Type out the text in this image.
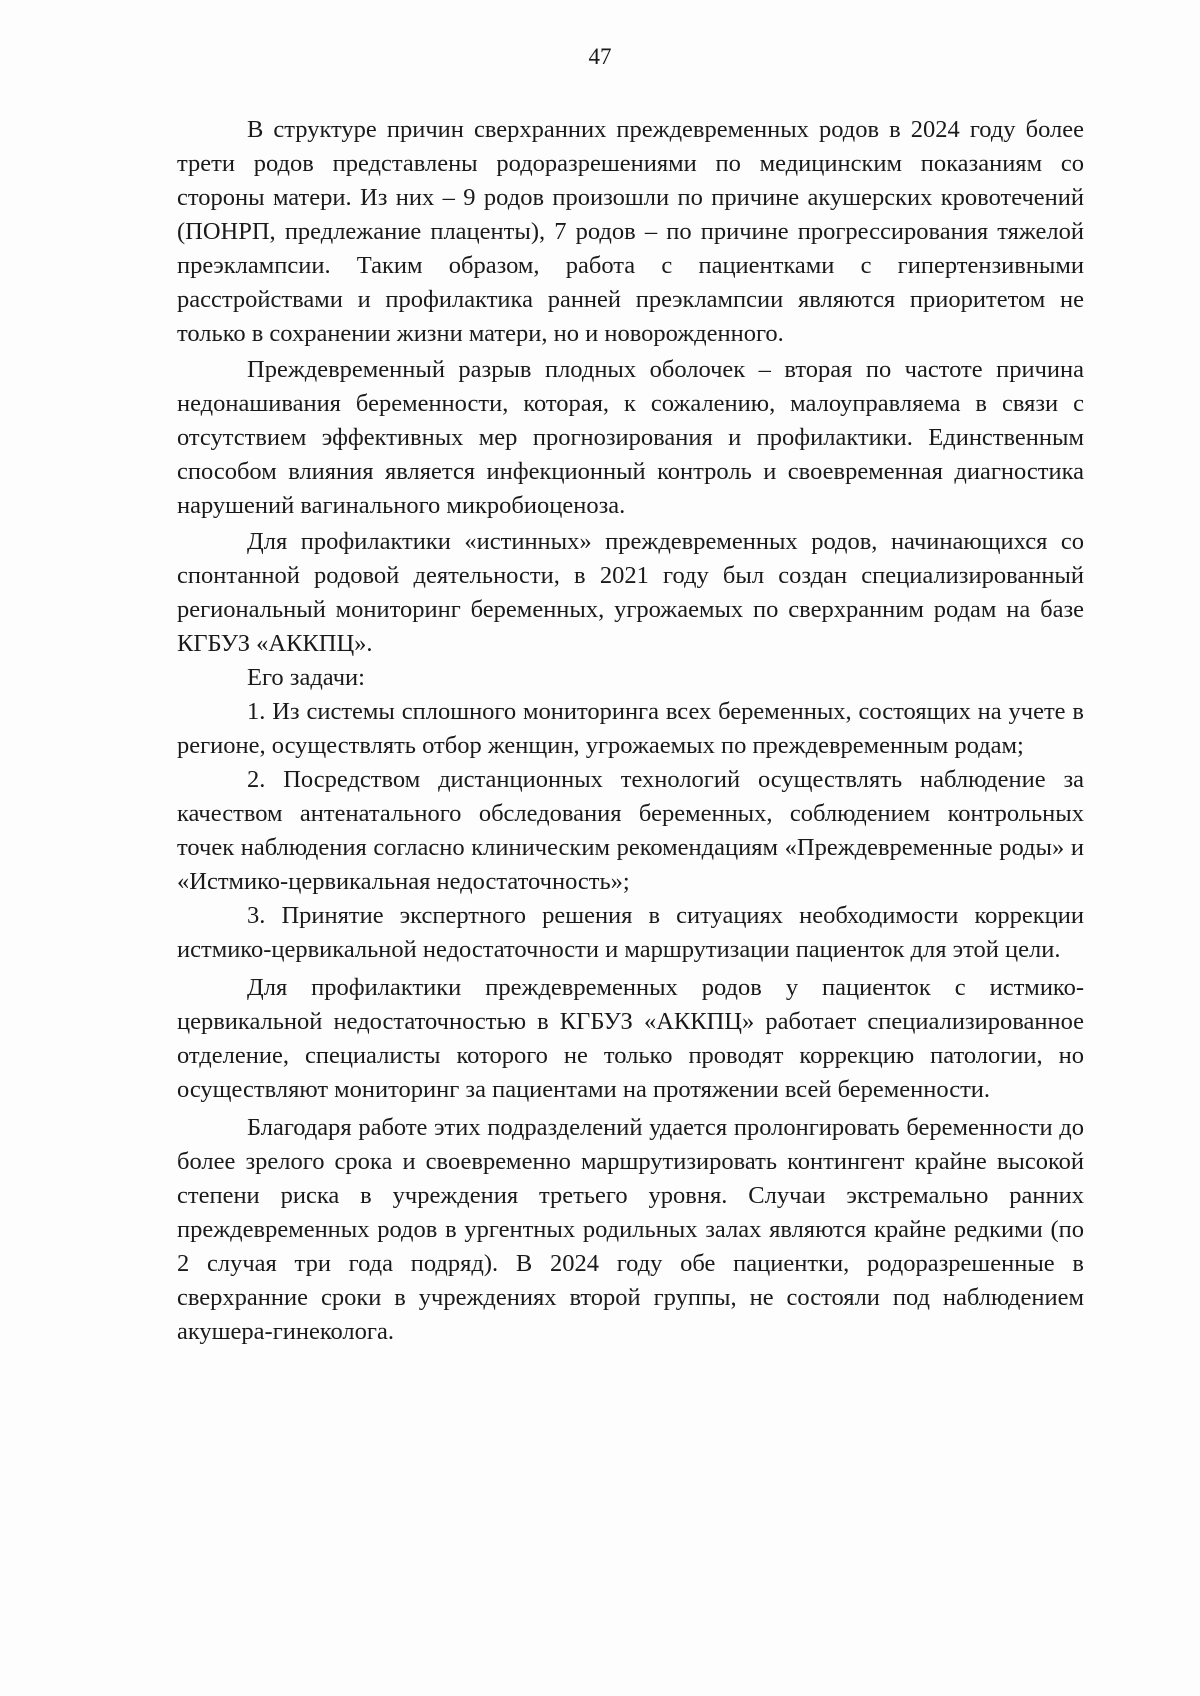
47

В структуре причин сверхранних преждевременных родов в 2024 году более трети родов представлены родоразрешениями по медицинским показаниям со стороны матери. Из них – 9 родов произошли по причине акушерских кровотечений (ПОНРП, предлежание плаценты), 7 родов – по причине прогрессирования тяжелой преэклампсии. Таким образом, работа с пациентками с гипертензивными расстройствами и профилактика ранней преэклампсии являются приоритетом не только в сохранении жизни матери, но и новорожденного.

Преждевременный разрыв плодных оболочек – вторая по частоте причина недонашивания беременности, которая, к сожалению, малоуправляема в связи с отсутствием эффективных мер прогнозирования и профилактики. Единственным способом влияния является инфекционный контроль и своевременная диагностика нарушений вагинального микробиоценоза.

Для профилактики «истинных» преждевременных родов, начинающихся со спонтанной родовой деятельности, в 2021 году был создан специализированный региональный мониторинг беременных, угрожаемых по сверхранним родам на базе КГБУЗ «АККПЦ».

Его задачи:

1. Из системы сплошного мониторинга всех беременных, состоящих на учете в регионе, осуществлять отбор женщин, угрожаемых по преждевременным родам;

2. Посредством дистанционных технологий осуществлять наблюдение за качеством антенатального обследования беременных, соблюдением контрольных точек наблюдения согласно клиническим рекомендациям «Преждевременные роды» и «Истмико-цервикальная недостаточность»;

3. Принятие экспертного решения в ситуациях необходимости коррекции истмико-цервикальной недостаточности и маршрутизации пациенток для этой цели.

Для профилактики преждевременных родов у пациенток с истмико-цервикальной недостаточностью в КГБУЗ «АККПЦ» работает специализированное отделение, специалисты которого не только проводят коррекцию патологии, но осуществляют мониторинг за пациентами на протяжении всей беременности.

Благодаря работе этих подразделений удается пролонгировать беременности до более зрелого срока и своевременно маршрутизировать контингент крайне высокой степени риска в учреждения третьего уровня. Случаи экстремально ранних преждевременных родов в ургентных родильных залах являются крайне редкими (по 2 случая три года подряд). В 2024 году обе пациентки, родоразрешенные в сверхранние сроки в учреждениях второй группы, не состояли под наблюдением акушера-гинеколога.
